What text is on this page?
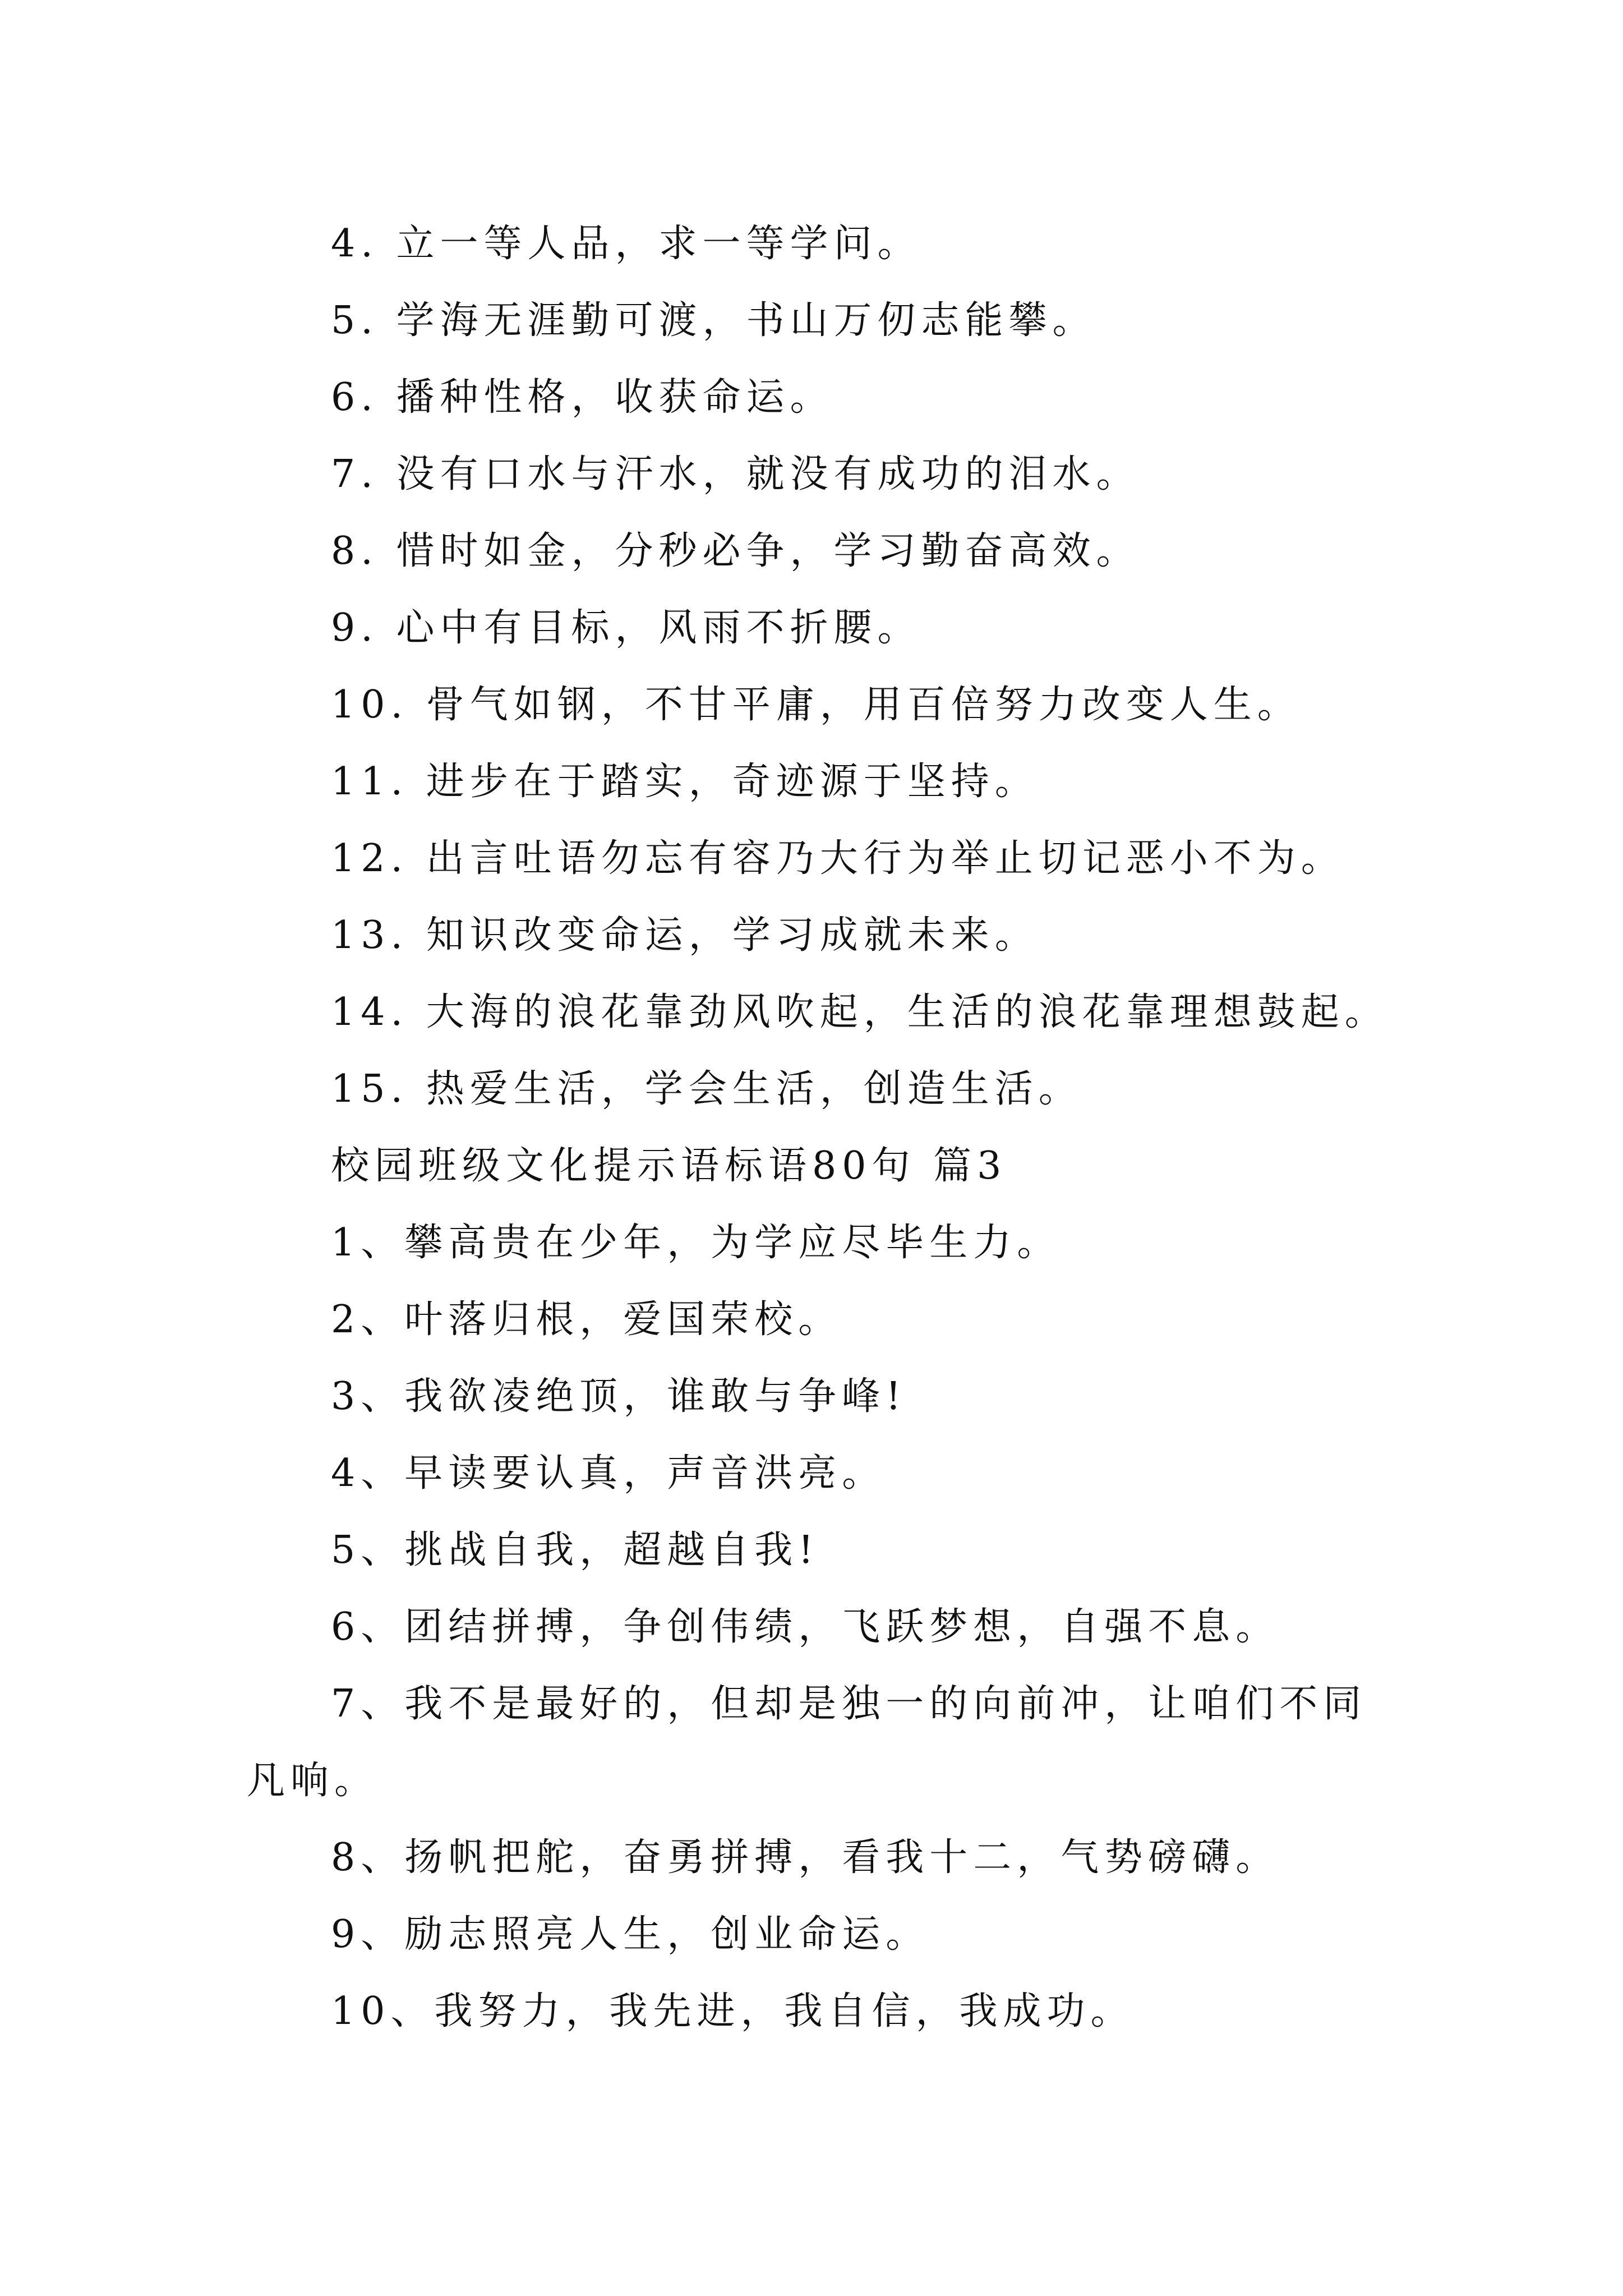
4. 立一等人品，求一等学问。
5. 学海无涯勤可渡，书山万仞志能攀。
6. 播种性格，收获命运。
7. 没有口水与汗水，就没有成功的泪水。
8. 惜时如金，分秒必争，学习勤奋高效。
9. 心中有目标，风雨不折腰。
10. 骨气如钢，不甘平庸，用百倍努力改变人生。
11. 进步在于踏实，奇迹源于坚持。
12. 出言吐语勿忘有容乃大行为举止切记恶小不为。
13. 知识改变命运，学习成就未来。
14. 大海的浪花靠劲风吹起，生活的浪花靠理想鼓起。
15. 热爱生活，学会生活，创造生活。
校园班级文化提示语标语80句 篇3
1、攀高贵在少年，为学应尽毕生力。
2、叶落归根，爱国荣校。
3、我欲凌绝顶，谁敢与争峰!
4、早读要认真，声音洪亮。
5、挑战自我，超越自我!
6、团结拼搏，争创伟绩，飞跃梦想，自强不息。
7、我不是最好的，但却是独一的向前冲，让咱们不同
凡响。
8、扬帆把舵，奋勇拼搏，看我十二，气势磅礴。
9、励志照亮人生，创业命运。
10、我努力，我先进，我自信，我成功。
